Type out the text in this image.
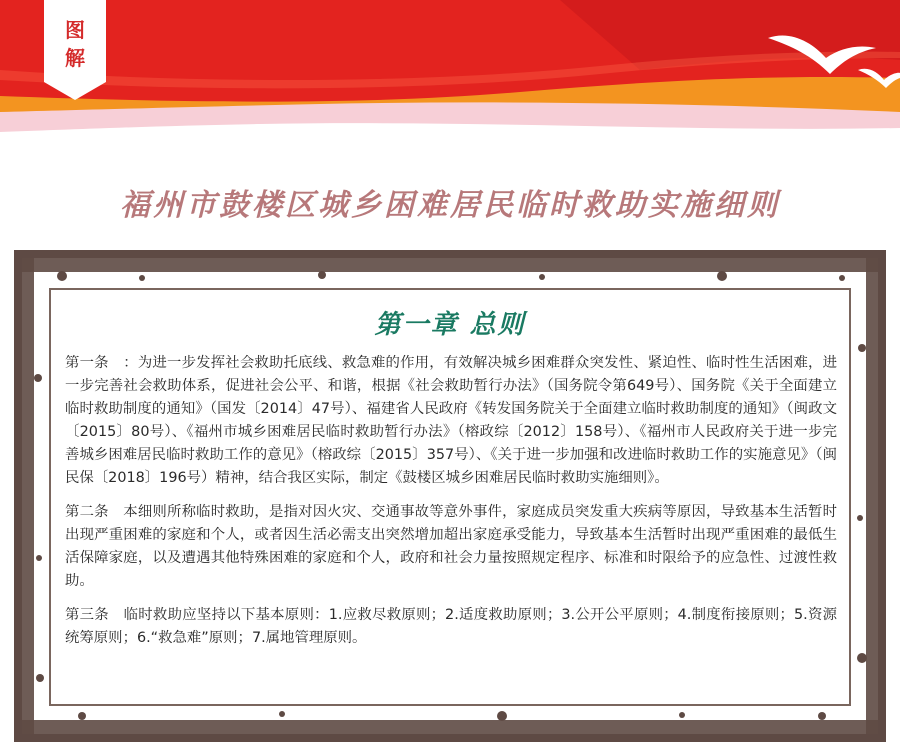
图
解
福州市鼓楼区城乡困难居民临时救助实施细则
第一章 总则

第一条　 ：为进一步发挥社会救助托底线、救急难的作用，有效解决城乡困难群众突发性、紧迫性、临时性生活困难，进一步完善社会救助体系，促进社会公平、和谐，根据《社会救助暂行办法》（国务院令第649号）、国务院《关于全面建立临时救助制度的通知》（国发〔2014〕47号）、福建省人民政府《转发国务院关于全面建立临时救助制度的通知》（闽政文〔2015〕80号）、《福州市城乡困难居民临时救助暂行办法》（榕政综〔2012〕158号）、《福州市人民政府关于进一步完善城乡困难居民临时救助工作的意见》（榕政综〔2015〕357号）、《关于进一步加强和改进临时救助工作的实施意见》（闽民保〔2018〕196号）精神，结合我区实际，制定《鼓楼区城乡困难居民临时救助实施细则》。

第二条　 本细则所称临时救助，是指对因火灾、交通事故等意外事件，家庭成员突发重大疾病等原因，导致基本生活暂时出现严重困难的家庭和个人，或者因生活必需支出突然增加超出家庭承受能力，导致基本生活暂时出现严重困难的最低生活保障家庭，以及遭遇其他特殊困难的家庭和个人，政府和社会力量按照规定程序、标准和时限给予的应急性、过渡性救助。

第三条　 临时救助应坚持以下基本原则：1.应救尽救原则；2.适度救助原则；3.公开公平原则；4.制度衔接原则；5.资源统筹原则；6.“救急难”原则；7.属地管理原则。
